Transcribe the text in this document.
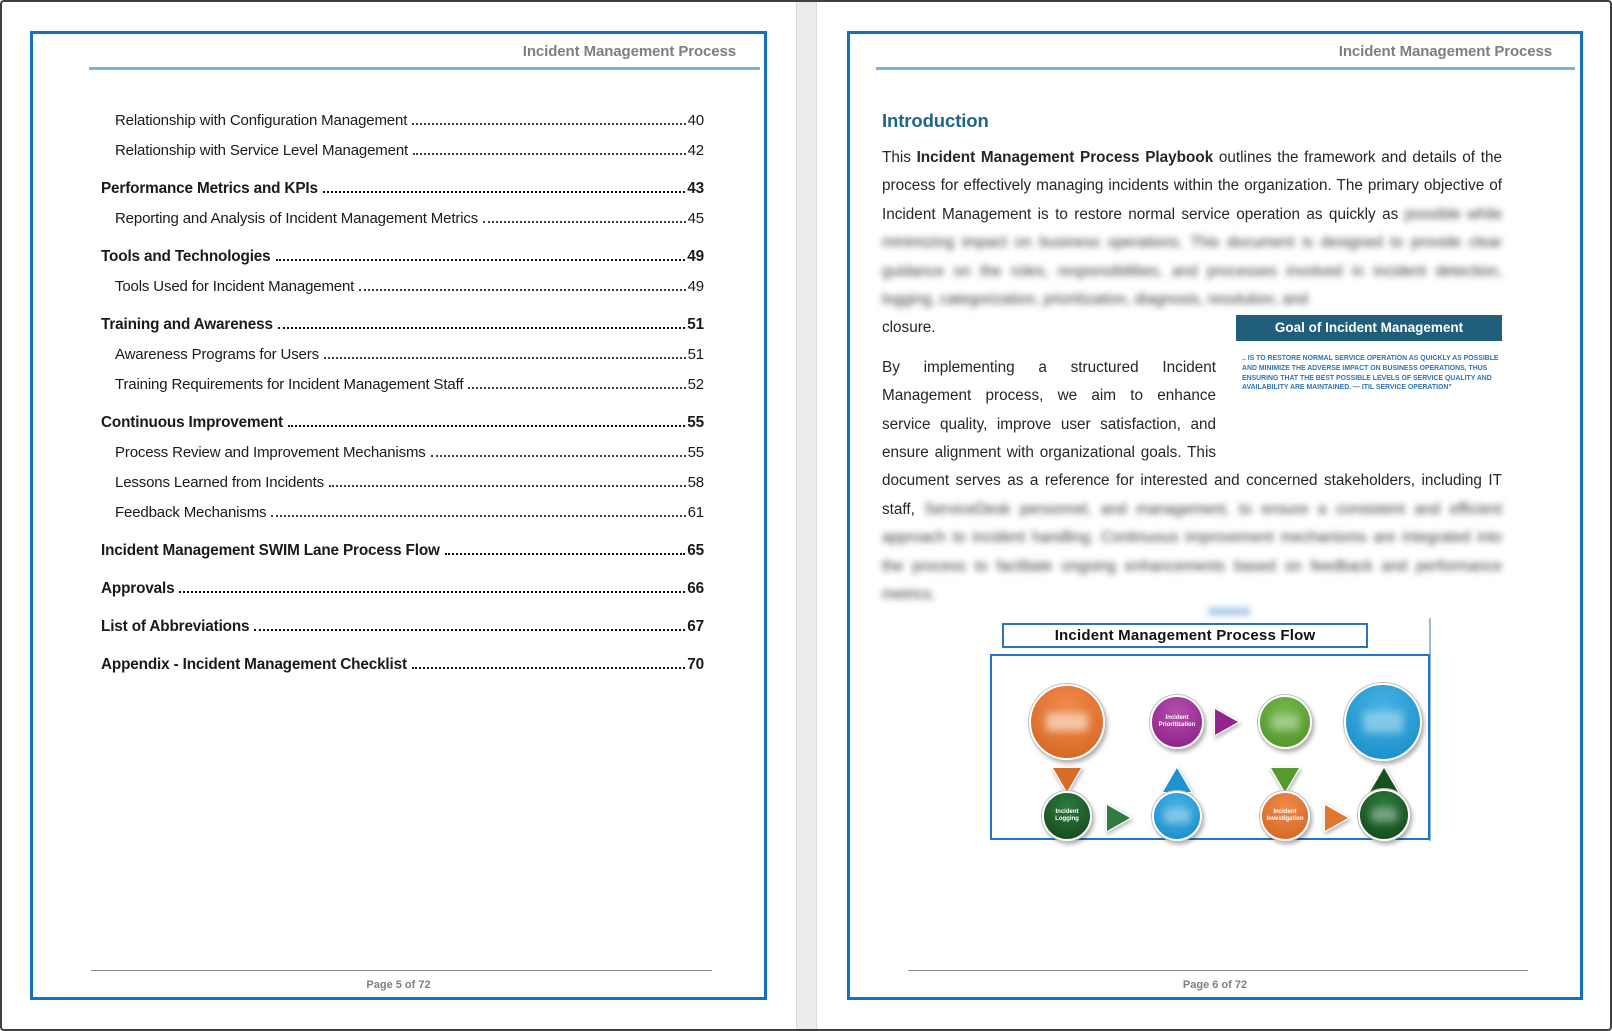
Incident Management Process
Relationship with Configuration Management	40
Relationship with Service Level Management	42
Performance Metrics and KPIs	43
Reporting and Analysis of Incident Management Metrics	45
Tools and Technologies	49
Tools Used for Incident Management	49
Training and Awareness	51
Awareness Programs for Users	51
Training Requirements for Incident Management Staff	52
Continuous Improvement	55
Process Review and Improvement Mechanisms	55
Lessons Learned from Incidents	58
Feedback Mechanisms	61
Incident Management SWIM Lane Process Flow	65
Approvals	66
List of Abbreviations	67
Appendix - Incident Management Checklist	70
Page 5 of 72
Incident Management Process
Introduction

This Incident Management Process Playbook outlines the framework and details of the process for effectively managing incidents within the organization. The primary objective of Incident Management is to restore normal service operation as quickly as possible while minimizing impact on business operations. This document is designed to provide clear guidance on the roles, responsibilities, and processes involved in incident detection, logging, categorization, prioritization, diagnosis, resolution, and

Goal of Incident Management
.. IS TO RESTORE NORMAL SERVICE OPERATION AS QUICKLY AS POSSIBLE AND MINIMIZE THE ADVERSE IMPACT ON BUSINESS OPERATIONS, THUS ENSURING THAT THE BEST POSSIBLE LEVELS OF SERVICE QUALITY AND AVAILABILITY ARE MAINTAINED. — ITIL SERVICE OPERATION”

closure.

By implementing a structured Incident Management process, we aim to enhance service quality, improve user satisfaction, and ensure alignment with organizational goals. This document serves as a reference for interested and concerned stakeholders, including IT staff, ServiceDesk personnel, and management, to ensure a consistent and efficient approach to incident handling. Continuous improvement mechanisms are integrated into the process to facilitate ongoing enhancements based on feedback and performance metrics.

Incident Management Process Flow
Incident Prioritization
Incident Logging
Incident Investigation
Page 6 of 72
